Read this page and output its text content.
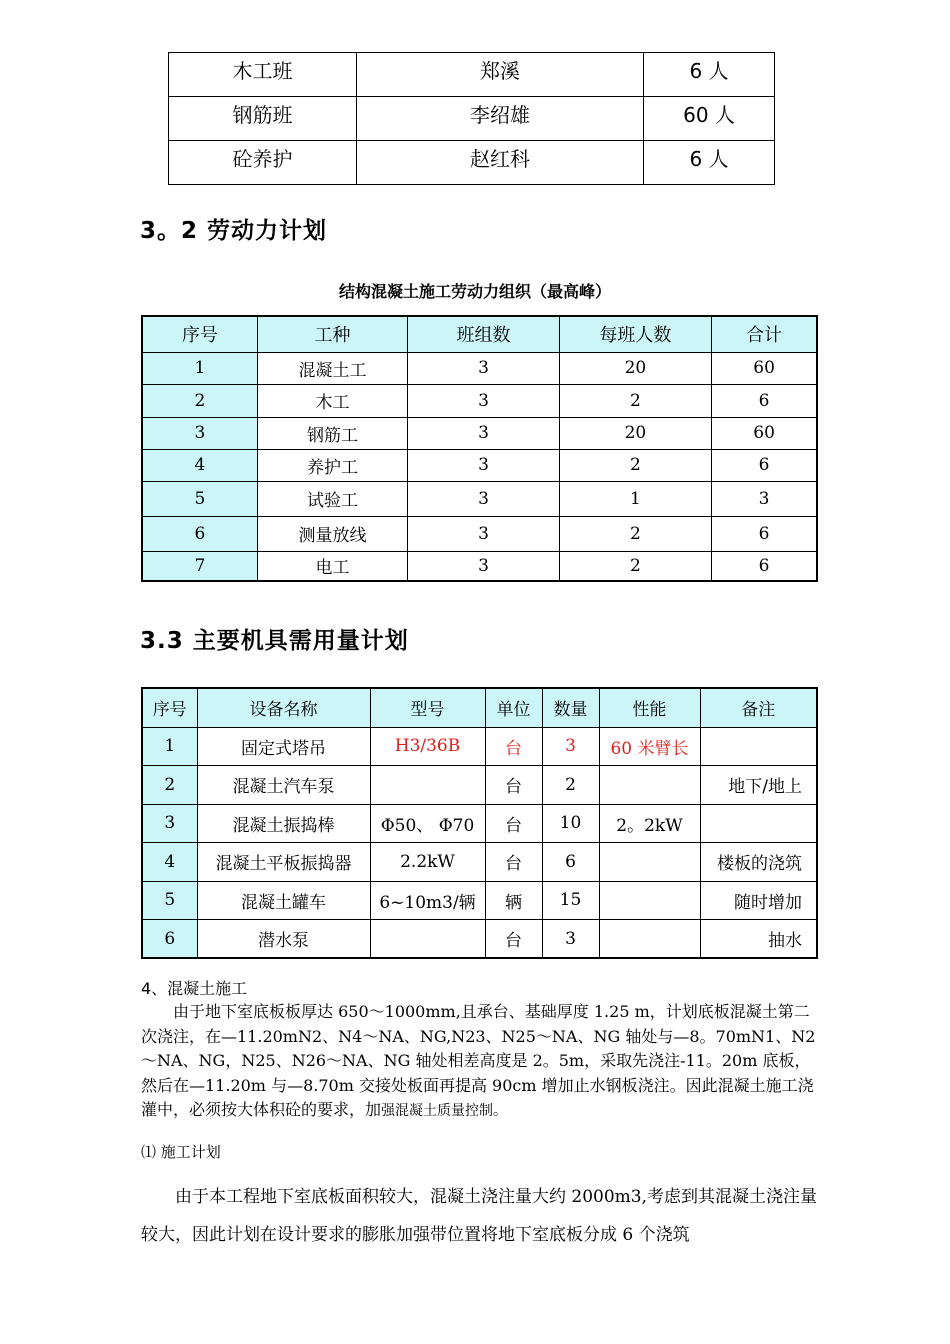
木工班	郑溪	6 人
钢筋班	李绍雄	60 人
砼养护	赵红科	6 人
3。2 劳动力计划
结构混凝土施工劳动力组织（最高峰）
序号	工种	班组数	每班人数	合计
1	混凝土工	3	20	60
2	木工	3	2	6
3	钢筋工	3	20	60
4	养护工	3	2	6
5	试验工	3	1	3
6	测量放线	3	2	6
7	电工	3	2	6
3.3 主要机具需用量计划
序号	设备名称	型号	单位	数量	性能	备注
1	固定式塔吊	H3/36B	台	3	60 米臂长	
2	混凝土汽车泵		台	2		地下/地上
3	混凝土振捣棒	Φ50、 Φ70	台	10	2。2kW	
4	混凝土平板振捣器	2.2kW	台	6		楼板的浇筑
5	混凝土罐车	6~10m3/辆	辆	15		随时增加
6	潜水泵		台	3		抽水

4、混凝土施工

　　由于地下室底板板厚达 650～1000mm,且承台、基础厚度 1.25 m，计划底板混凝土第二次浇注，在—11.20mN2、N4～NA、NG,N23、N25～NA、NG 轴处与—8。70mN1、N2～NA、NG，N25、N26～NA、NG 轴处相差高度是 2。5m，采取先浇注-11。20m 底板，然后在—11.20m 与—8.70m 交接处板面再提高 90cm 增加止水钢板浇注。因此混凝土施工浇灌中，必须按大体积砼的要求，加强混凝土质量控制。

⑴ 施工计划

　　由于本工程地下室底板面积较大，混凝土浇注量大约 2000m3,考虑到其混凝土浇注量较大，因此计划在设计要求的膨胀加强带位置将地下室底板分成 6 个浇筑
